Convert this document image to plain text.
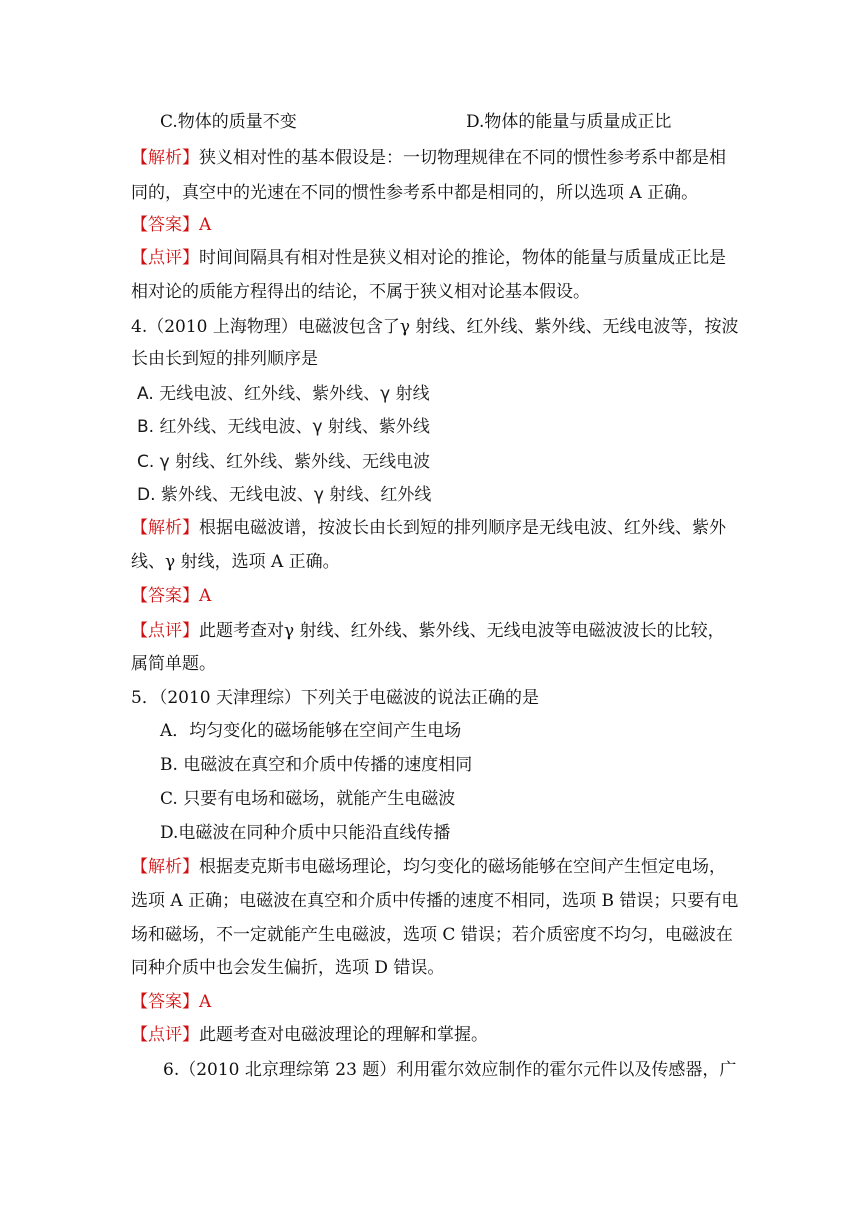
C.物体的质量不变	D.物体的能量与质量成正比
【解析】狭义相对性的基本假设是：一切物理规律在不同的惯性参考系中都是相
同的，真空中的光速在不同的惯性参考系中都是相同的，所以选项 A 正确。
【答案】A
【点评】时间间隔具有相对性是狭义相对论的推论，物体的能量与质量成正比是
相对论的质能方程得出的结论，不属于狭义相对论基本假设。
4.（2010 上海物理）电磁波包含了γ 射线、红外线、紫外线、无线电波等，按波
长由长到短的排列顺序是
A. 无线电波、红外线、紫外线、γ 射线
B. 红外线、无线电波、γ 射线、紫外线
C. γ 射线、红外线、紫外线、无线电波
D. 紫外线、无线电波、γ 射线、红外线
【解析】根据电磁波谱，按波长由长到短的排列顺序是无线电波、红外线、紫外
线、γ 射线，选项 A 正确。
【答案】A
【点评】此题考查对γ 射线、红外线、紫外线、无线电波等电磁波波长的比较，
属简单题。
5．（2010 天津理综）下列关于电磁波的说法正确的是
A．均匀变化的磁场能够在空间产生电场
B. 电磁波在真空和介质中传播的速度相同
C. 只要有电场和磁场，就能产生电磁波
D.电磁波在同种介质中只能沿直线传播
【解析】根据麦克斯韦电磁场理论，均匀变化的磁场能够在空间产生恒定电场，
选项 A 正确；电磁波在真空和介质中传播的速度不相同，选项 B 错误；只要有电
场和磁场，不一定就能产生电磁波，选项 C 错误；若介质密度不均匀，电磁波在
同种介质中也会发生偏折，选项 D 错误。
【答案】A
【点评】此题考查对电磁波理论的理解和掌握。
6.（2010 北京理综第 23 题）利用霍尔效应制作的霍尔元件以及传感器，广
